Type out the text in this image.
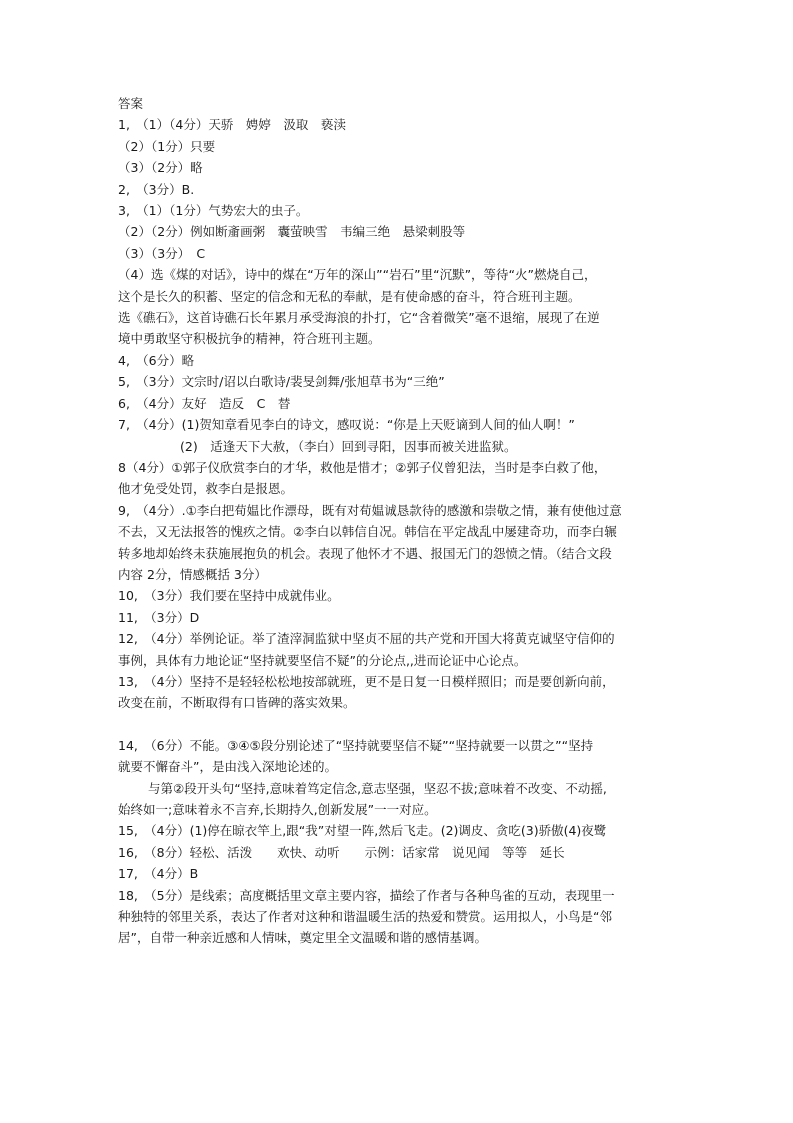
答案
1,　（1）（4分）天骄　娉婷　汲取　亵渎
（2）（1分）只要
（3）（2分）略
2,　（3分）B.
3,　（1）（1分）气势宏大的虫子。
（2）（2分）例如断齑画粥　囊萤映雪　韦编三绝　悬梁刺股等
（3）（3分）　C
（4）选《煤的对话》，诗中的煤在“万年的深山”“岩石”里“沉默”，等待“火”燃烧自己，
这个是长久的积蓄、坚定的信念和无私的奉献，是有使命感的奋斗，符合班刊主题。
选《礁石》，这首诗礁石长年累月承受海浪的扑打，它“含着微笑”毫不退缩，展现了在逆
境中勇敢坚守积极抗争的精神，符合班刊主题。
4,　（6分）略
5,　（3分）文宗时/诏以白歌诗/裴旻剑舞/张旭草书为“三绝”
6,　（4分）友好　造反　C　替
7,　（4分）(1)贺知章看见李白的诗文，感叹说：“你是上天贬谪到人间的仙人啊！”
(2)　适逢天下大赦，（李白）回到寻阳，因事而被关进监狱。
8（4分）①郭子仪欣赏李白的才华，救他是惜才；②郭子仪曾犯法，当时是李白救了他，
他才免受处罚，救李白是报恩。
9,　（4分）.①李白把荀媪比作漂母，既有对荀媪诚恳款待的感激和崇敬之情，兼有使他过意
不去，又无法报答的愧疚之情。②李白以韩信自况。韩信在平定战乱中屡建奇功，而李白辗
转多地却始终未获施展抱负的机会。表现了他怀才不遇、报国无门的怨愤之情。（结合文段
内容 2分，情感概括 3分）
10,　（3分）我们要在坚持中成就伟业。
11,　（3分）D
12,　（4分）举例论证。举了渣滓洞监狱中坚贞不屈的共产党和开国大将黄克诚坚守信仰的
事例，具体有力地论证“坚持就要坚信不疑”的分论点,,进而论证中心论点。
13,　（4分）坚持不是轻轻松松地按部就班，更不是日复一日模样照旧；而是要创新向前，
改变在前，不断取得有口皆碑的落实效果。
14,　（6分）不能。③④⑤段分别论述了“坚持就要坚信不疑”“坚持就要一以贯之”“坚持
就要不懈奋斗”，是由浅入深地论述的。
与第②段开头句“坚持,意味着笃定信念,意志坚强，坚忍不拔;意味着不改变、不动摇,
始终如一;意味着永不言弃,长期持久,创新发展”一一对应。
15,　（4分）(1)停在晾衣竿上,跟“我”对望一阵,然后飞走。(2)调皮、贪吃(3)骄傲(4)夜鹭
16,　（8分）轻松、活泼　　欢快、动听　　示例：话家常　说见闻　等等　延长
17,　（4分）B
18,　（5分）是线索；高度概括里文章主要内容，描绘了作者与各种鸟雀的互动，表现里一
种独特的邻里关系，表达了作者对这种和谐温暖生活的热爱和赞赏。运用拟人，小鸟是“邻
居”，自带一种亲近感和人情味，奠定里全文温暖和谐的感情基调。
